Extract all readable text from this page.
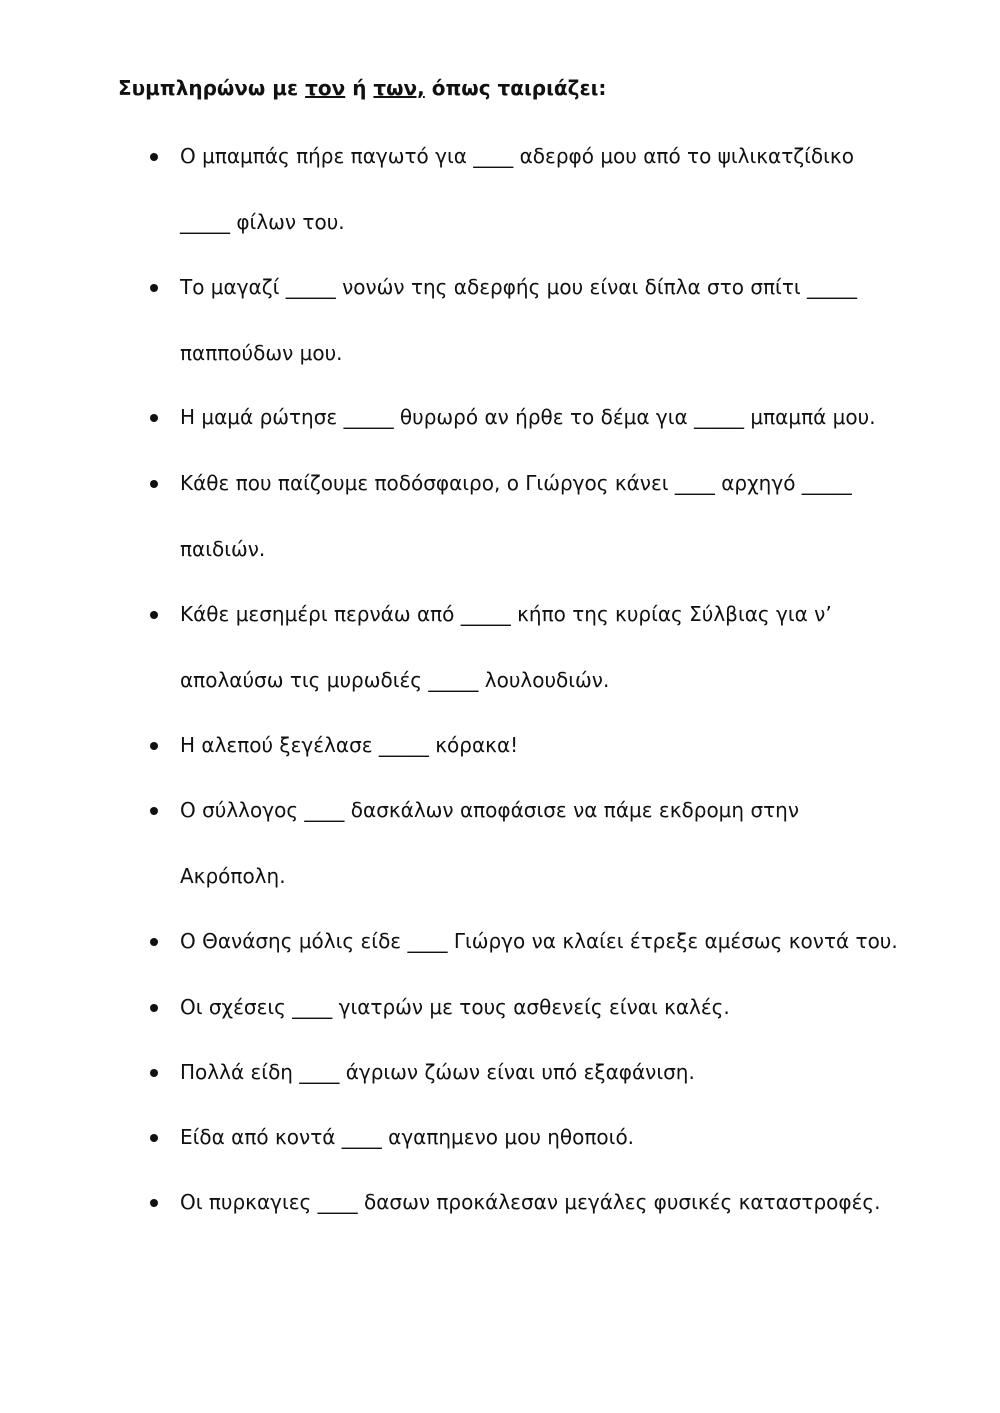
Συμπληρώνω με τον ή των, όπως ταιριάζει:
Ο μπαμπάς πήρε παγωτό για ____ αδερφό μου από το ψιλικατζίδικο
_____ φίλων του.
Το μαγαζί _____ νονών της αδερφής μου είναι δίπλα στο σπίτι _____
παππούδων μου.
Η μαμά ρώτησε _____ θυρωρό αν ήρθε το δέμα για _____ μπαμπά μου.
Κάθε που παίζουμε ποδόσφαιρο, ο Γιώργος κάνει ____ αρχηγό _____
παιδιών.
Κάθε μεσημέρι περνάω από _____ κήπο της κυρίας Σύλβιας για ν’
απολαύσω τις μυρωδιές _____ λουλουδιών.
Η αλεπού ξεγέλασε _____ κόρακα!
Ο σύλλογος ____ δασκάλων αποφάσισε να πάμε εκδρομη στην
Ακρόπολη.
Ο Θανάσης μόλις είδε ____ Γιώργο να κλαίει έτρεξε αμέσως κοντά του.
Οι σχέσεις ____ γιατρών με τους ασθενείς είναι καλές.
Πολλά είδη ____ άγριων ζώων είναι υπό εξαφάνιση.
Είδα από κοντά ____ αγαπημενο μου ηθοποιό.
Οι πυρκαγιες ____ δασων προκάλεσαν μεγάλες φυσικές καταστροφές.
